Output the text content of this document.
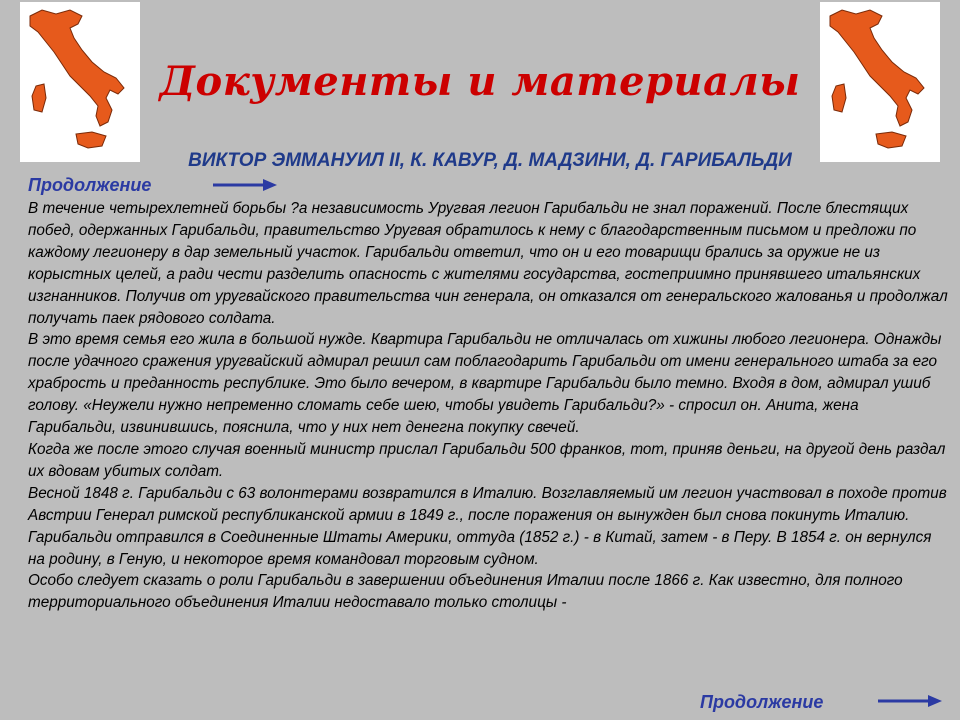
Документы и материалы
ВИКТОР ЭММАНУИЛ II, К. КАВУР, Д. МАДЗИНИ, Д. ГАРИБАЛЬДИ
Продолжение

В течение четырехлетней борьбы ?а независимость Уругвая легион Гарибальди не знал поражений. После блестящих побед, одержанных Гарибальди, правительство Уругвая обратилось к нему с благодарственным письмом и предложи по каждому легионеру в дар земельный участок. Гарибальди ответил, что он и его товарищи брались за оружие не из корыстных целей, а ради чести разделить опасность с жителями государства, гостеприимно принявшего итальянских изгнанников. Получив от уругвайского правительства чин генерала, он отказался от генеральского жалованья и продолжал получать паек рядового солдата.

В это время семья его жила в большой нужде. Квартира Гарибальди не отличалась от хижины любого легионера. Однажды после удачного сражения уругвайский адмирал решил сам поблагодарить Гарибальди от имени генерального штаба за его храбрость и преданность республике. Это было вечером, в квартире Гарибальди было темно. Входя в дом, адмирал ушиб голову. «Неужели нужно непременно сломать себе шею, чтобы увидеть Гарибальди?» - спросил он. Анита, жена Гарибальди, извинившись, пояснила, что у них нет денегна покупку свечей.

Когда же после этого случая военный министр прислал Гарибальди 500 франков, тот, приняв деньги, на другой день раздал их вдовам убитых солдат.

Весной 1848 г. Гарибальди с 63 волонтерами возвратился в Италию. Возглавляемый им легион участвовал в походе против Австрии Генерал римской республиканской армии в 1849 г., после поражения он вынужден был снова покинуть Италию. Гарибальди отправился в Соединенные Штаты Америки, оттуда (1852 г.) - в Китай, затем - в Перу. В 1854 г. он вернулся на родину, в Геную, и некоторое время командовал торговым судном.

Особо следует сказать о роли Гарибальди в завершении объединения Италии после 1866 г. Как известно, для полного территориального объединения Италии недоставало только столицы -

Продолжение
